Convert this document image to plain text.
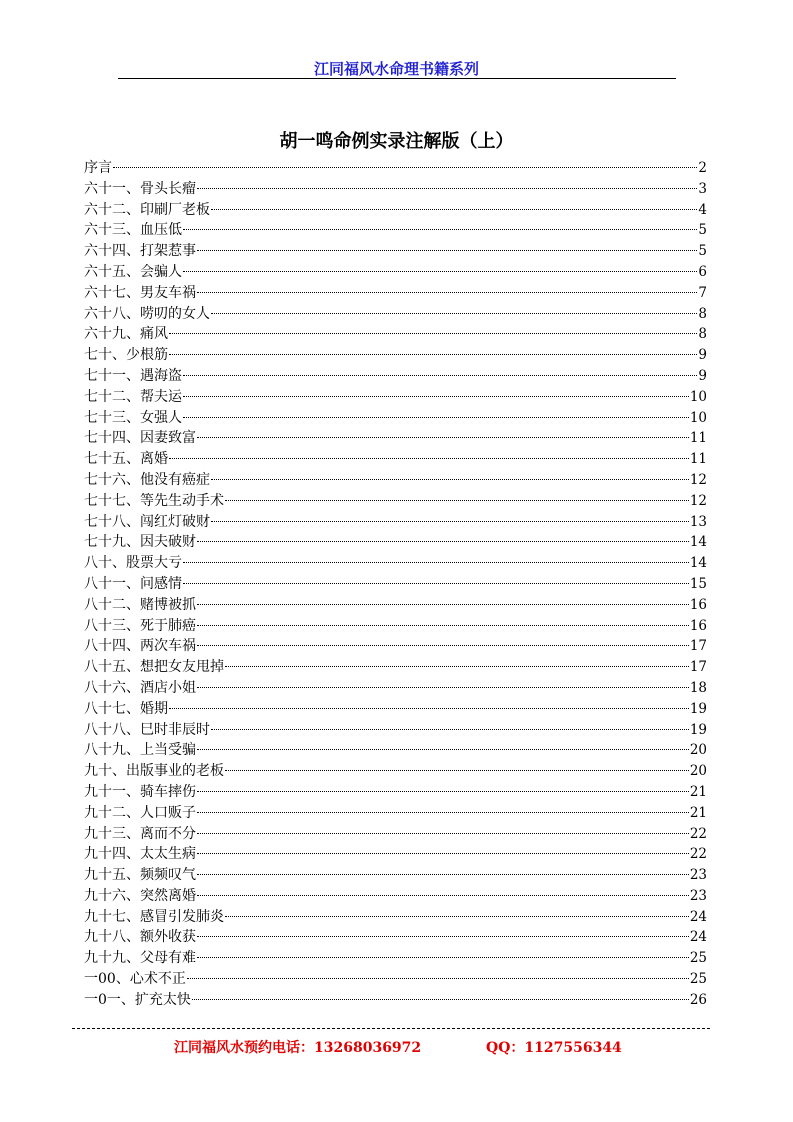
江同福风水命理书籍系列
胡一鸣命例实录注解版（上）
序言	2
六十一、骨头长瘤	3
六十二、印刷厂老板	4
六十三、血压低	5
六十四、打架惹事	5
六十五、会骗人	6
六十七、男友车祸	7
六十八、唠叨的女人	8
六十九、痛风	8
七十、少根筋	9
七十一、遇海盗	9
七十二、帮夫运	10
七十三、女强人	10
七十四、因妻致富	11
七十五、离婚	11
七十六、他没有癌症	12
七十七、等先生动手术	12
七十八、闯红灯破财	13
七十九、因夫破财	14
八十、股票大亏	14
八十一、问感情	15
八十二、赌博被抓	16
八十三、死于肺癌	16
八十四、两次车祸	17
八十五、想把女友甩掉	17
八十六、酒店小姐	18
八十七、婚期	19
八十八、巳时非辰时	19
八十九、上当受骗	20
九十、出版事业的老板	20
九十一、骑车摔伤	21
九十二、人口贩子	21
九十三、离而不分	22
九十四、太太生病	22
九十五、频频叹气	23
九十六、突然离婚	23
九十七、感冒引发肺炎	24
九十八、额外收获	24
九十九、父母有难	25
一00、心术不正	25
一0一、扩充太快	26
江同福风水预约电话：13268036972	QQ：1127556344
